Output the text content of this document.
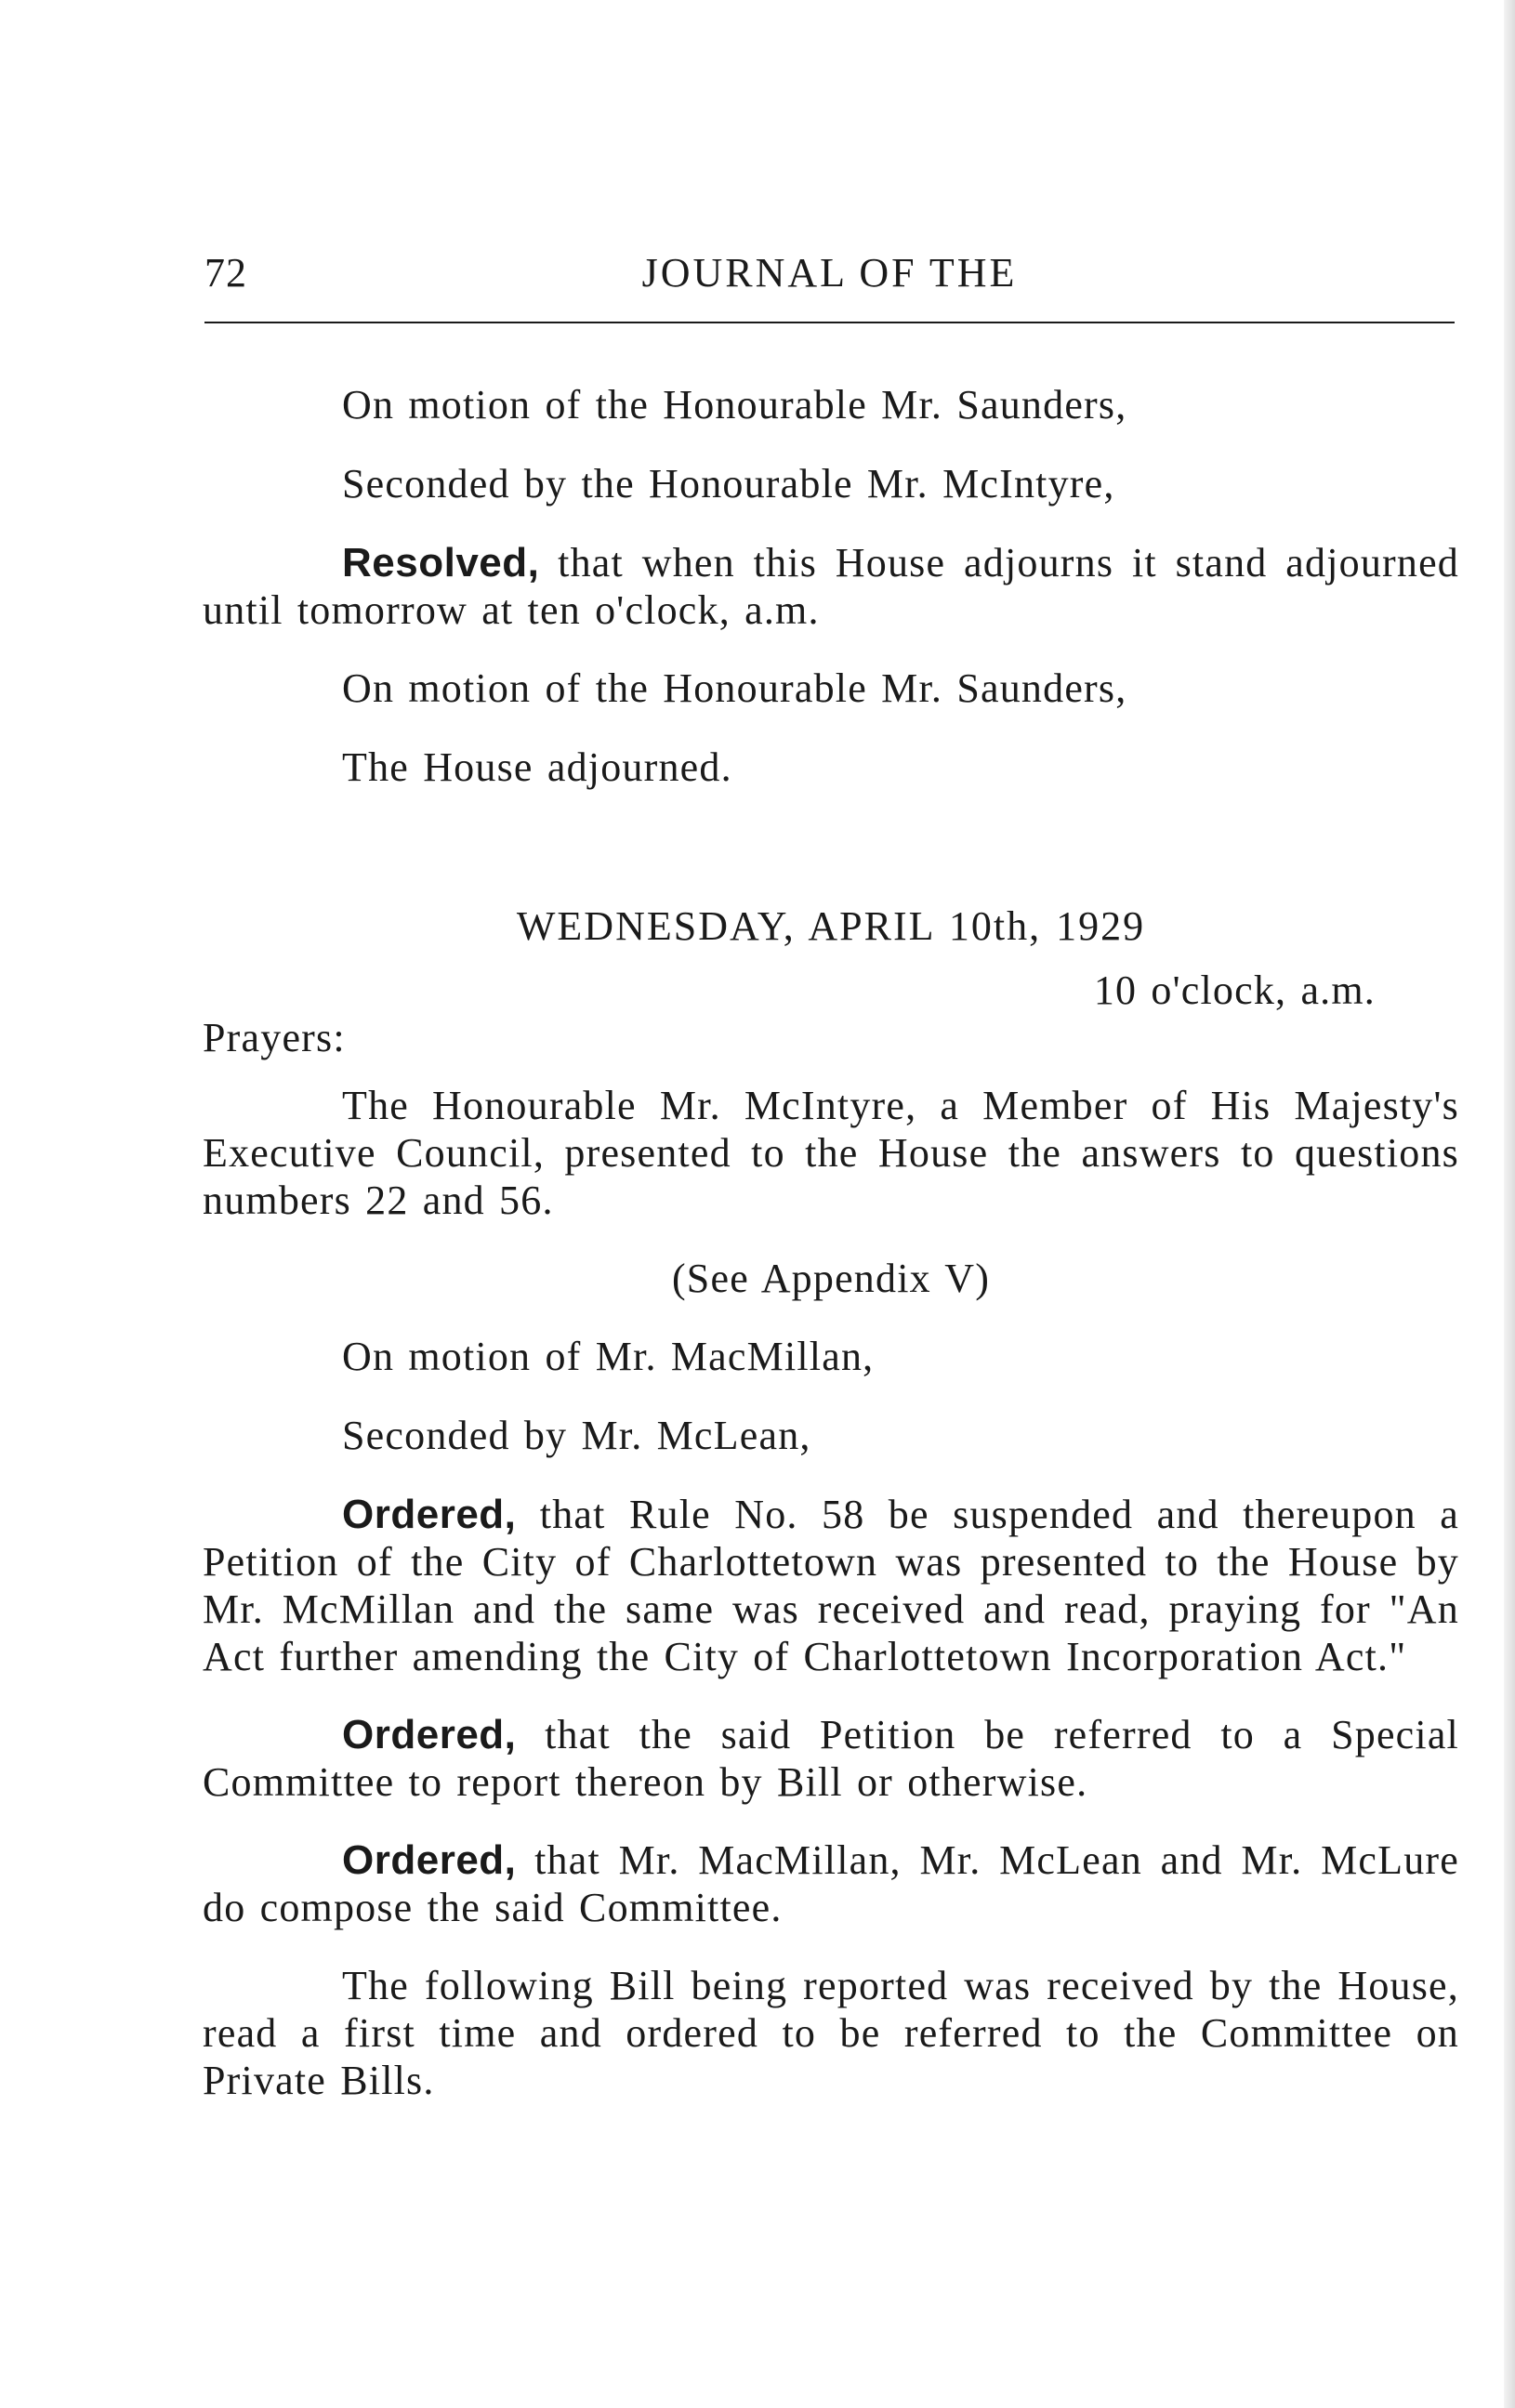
72	JOURNAL OF THE

On motion of the Honourable Mr. Saunders,

Seconded by the Honourable Mr. McIntyre,

Resolved, that when this House adjourns it stand adjourned until tomorrow at ten o'clock, a.m.

On motion of the Honourable Mr. Saunders,

The House adjourned.

WEDNESDAY, APRIL 10th, 1929

10 o'clock, a.m.

Prayers:

The Honourable Mr. McIntyre, a Member of His Majesty's Executive Council, presented to the House the answers to questions numbers 22 and 56.

(See Appendix V)

On motion of Mr. MacMillan,

Seconded by Mr. McLean,

Ordered, that Rule No. 58 be suspended and thereupon a Petition of the City of Charlottetown was presented to the House by Mr. McMillan and the same was received and read, praying for "An Act further amending the City of Charlottetown Incorporation Act."

Ordered, that the said Petition be referred to a Special Committee to report thereon by Bill or otherwise.

Ordered, that Mr. MacMillan, Mr. McLean and Mr. McLure do compose the said Committee.

The following Bill being reported was received by the House, read a first time and ordered to be referred to the Committee on Private Bills.
